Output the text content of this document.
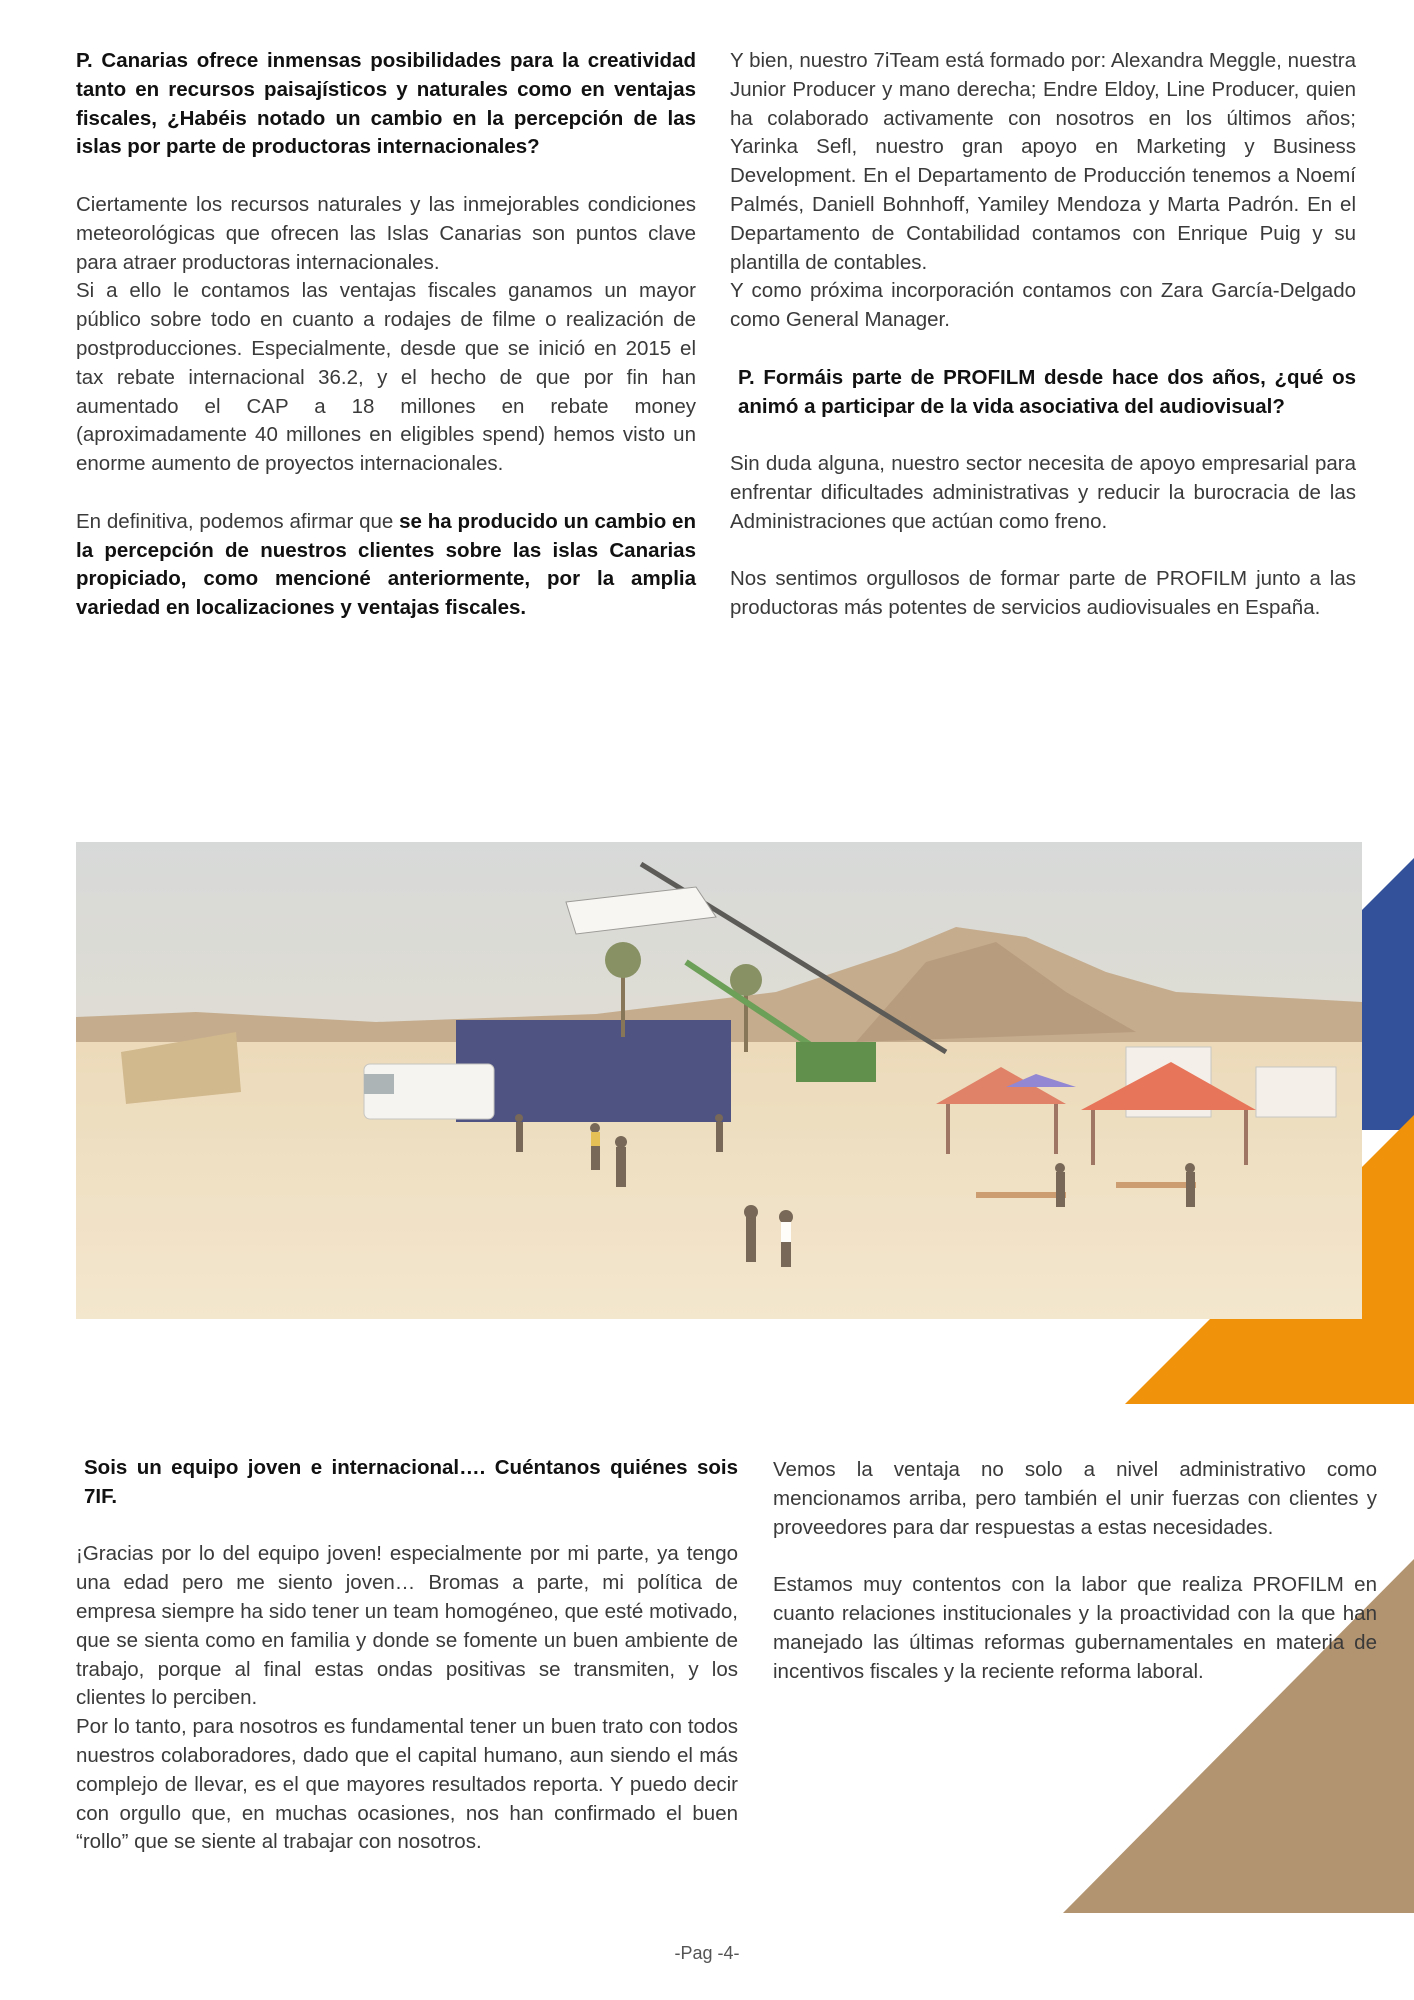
P. Canarias ofrece inmensas posibilidades para la creatividad tanto en recursos paisajísticos y naturales como en ventajas fiscales, ¿Habéis notado un cambio en la percepción de las islas por parte de productoras internacionales?

Ciertamente los recursos naturales y las inmejorables condiciones meteorológicas que ofrecen las Islas Canarias son puntos clave para atraer productoras internacionales.

Si a ello le contamos las ventajas fiscales ganamos un mayor público sobre todo en cuanto a rodajes de filme o realización de postproducciones. Especialmente, desde que se inició en 2015 el tax rebate internacional 36.2, y el hecho de que por fin han aumentado el CAP a 18 millones en rebate money (aproximadamente 40 millones en eligibles spend) hemos visto un enorme aumento de proyectos internacionales.

En definitiva, podemos afirmar que se ha producido un cambio en la percepción de nuestros clientes sobre las islas Canarias propiciado, como mencioné anteriormente, por la amplia variedad en localizaciones y ventajas fiscales.

Y bien, nuestro 7iTeam está formado por: Alexandra Meggle, nuestra Junior Producer y mano derecha; Endre Eldoy, Line Producer, quien ha colaborado activamente con nosotros en los últimos años; Yarinka Sefl, nuestro gran apoyo en Marketing y Business Development. En el Departamento de Producción tenemos a Noemí Palmés, Daniell Bohnhoff, Yamiley Mendoza y Marta Padrón. En el Departamento de Contabilidad contamos con Enrique Puig y su plantilla de contables.

Y como próxima incorporación contamos con Zara García-Delgado como General Manager.

P. Formáis parte de PROFILM desde hace dos años, ¿qué os animó a participar de la vida asociativa del audiovisual?

Sin duda alguna, nuestro sector necesita de apoyo empresarial para enfrentar dificultades administrativas y reducir la burocracia de las Administraciones que actúan como freno.

Nos sentimos orgullosos de formar parte de PROFILM junto a las productoras más potentes de servicios audiovisuales en España.

Sois un equipo joven e internacional…. Cuéntanos quiénes sois 7IF.

¡Gracias por lo del equipo joven! especialmente por mi parte, ya tengo una edad pero me siento joven… Bromas a parte, mi política de empresa siempre ha sido tener un team homogéneo, que esté motivado, que se sienta como en familia y donde se fomente un buen ambiente de trabajo, porque al final estas ondas positivas se transmiten, y los clientes lo perciben.

Por lo tanto, para nosotros es fundamental tener un buen trato con todos nuestros colaboradores, dado que el capital humano, aun siendo el más complejo de llevar, es el que mayores resultados reporta. Y puedo decir con orgullo que, en muchas ocasiones, nos han confirmado el buen “rollo” que se siente al trabajar con nosotros.

Vemos la ventaja no solo a nivel administrativo como mencionamos arriba, pero también el unir fuerzas con clientes y proveedores para dar respuestas a estas necesidades.

Estamos muy contentos con la labor que realiza PROFILM en cuanto relaciones institucionales y la proactividad con la que han manejado las últimas reformas gubernamentales en materia de incentivos fiscales y la reciente reforma laboral.

-Pag -4-
